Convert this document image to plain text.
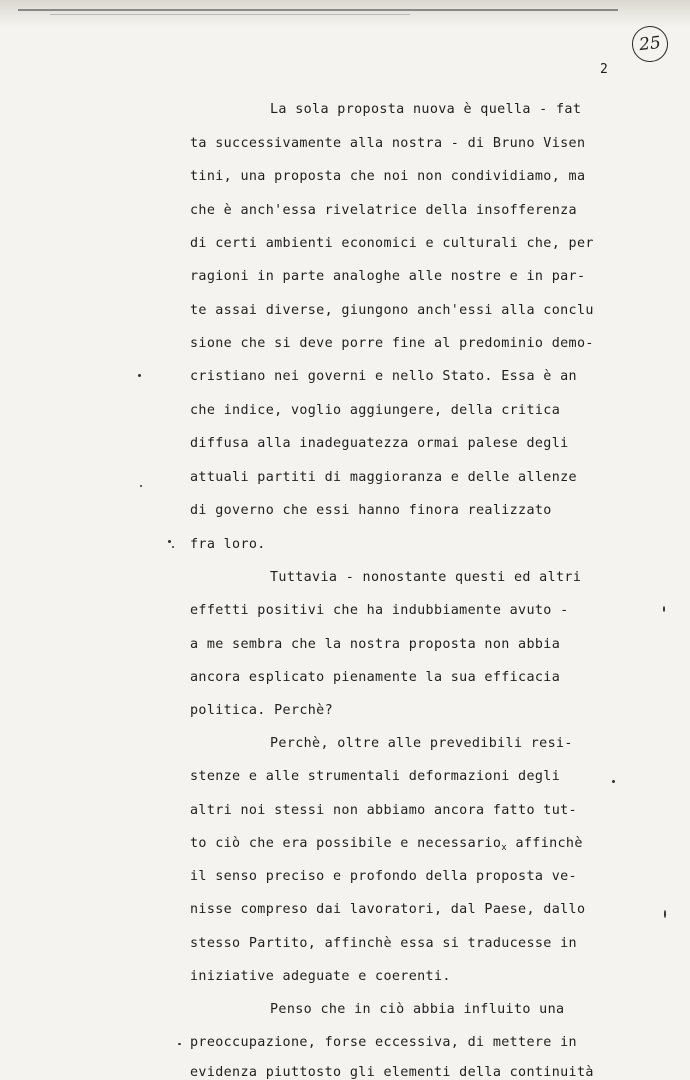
25
2
La sola proposta nuova è quella - fat
ta successivamente alla nostra - di Bruno Visen
tini, una proposta che noi non condividiamo, ma
che è anch'essa rivelatrice della insofferenza
di certi ambienti economici e culturali che, per
ragioni in parte analoghe alle nostre e in par-
te assai diverse, giungono anch'essi alla conclu
sione che si deve porre fine al predominio demo-
cristiano nei governi e nello Stato. Essa è an
che indice, voglio aggiungere, della critica
diffusa alla inadeguatezza ormai palese degli
attuali partiti di maggioranza e delle allenze
di governo che essi hanno finora realizzato
fra loro.
Tuttavia - nonostante questi ed altri
effetti positivi che ha indubbiamente avuto -
a me sembra che la nostra proposta non abbia
ancora esplicato pienamente la sua efficacia
politica. Perchè?
Perchè, oltre alle prevedibili resi-
stenze e alle strumentali deformazioni degli
altri noi stessi non abbiamo ancora fatto tut-
to ciò che era possibile e necessario$_x$ affinchè
il senso preciso e profondo della proposta ve-
nisse compreso dai lavoratori, dal Paese, dallo
stesso Partito, affinchè essa si traducesse in
iniziative adeguate e coerenti.
Penso che in ciò abbia influito una
preoccupazione, forse eccessiva, di mettere in
evidenza piuttosto gli elementi della continuità
